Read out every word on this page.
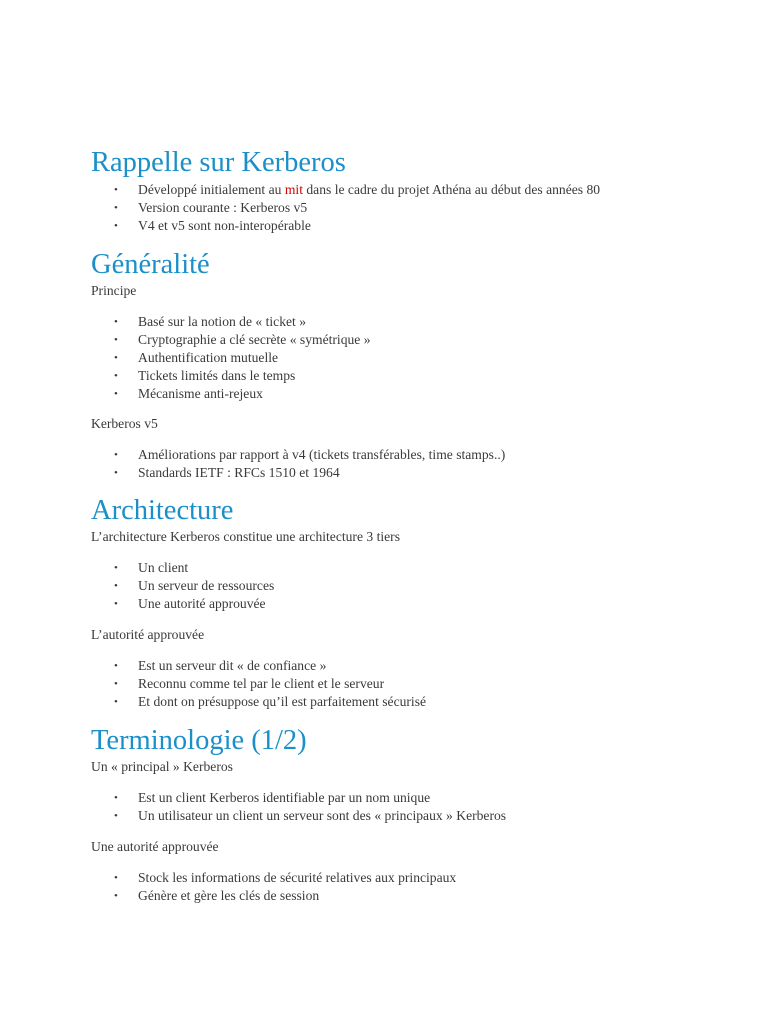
Rappelle sur Kerberos
• Développé initialement au mit dans le cadre du projet Athéna au début des années 80
• Version courante : Kerberos v5
• V4 et v5 sont non-interopérable
Généralité

Principe

• Basé sur la notion de « ticket »
• Cryptographie a clé secrète « symétrique »
• Authentification mutuelle
• Tickets limités dans le temps
• Mécanisme anti-rejeux

Kerberos v5

• Améliorations par rapport à v4 (tickets transférables, time stamps..)
• Standards IETF : RFCs 1510 et 1964
Architecture

L’architecture Kerberos constitue une architecture 3 tiers

• Un client
• Un serveur de ressources
• Une autorité approuvée

L’autorité approuvée

• Est un serveur dit « de confiance »
• Reconnu comme tel par le client et le serveur
• Et dont on présuppose qu’il est parfaitement sécurisé
Terminologie (1/2)

Un « principal » Kerberos

• Est un client Kerberos identifiable par un nom unique
• Un utilisateur un client un serveur sont des « principaux » Kerberos

Une autorité approuvée

• Stock les informations de sécurité relatives aux principaux
• Génère et gère les clés de session
